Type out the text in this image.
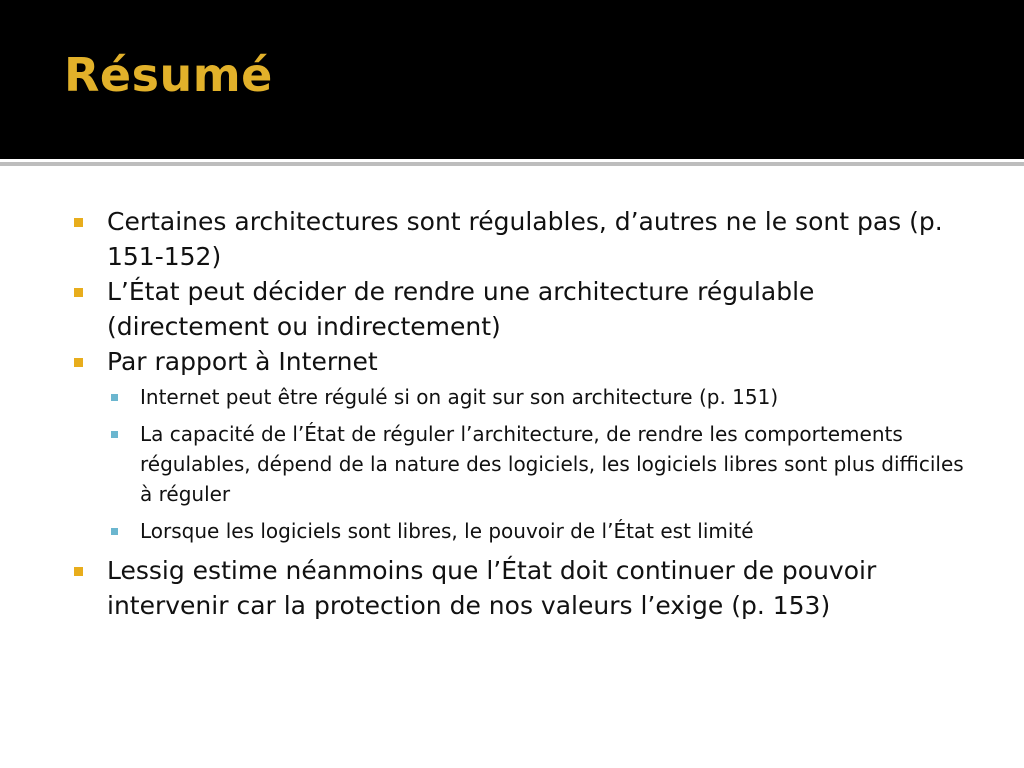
Résumé
Certaines architectures sont régulables, d’autres ne le sont pas (p. 151-152)
L’État peut décider de rendre une architecture régulable (directement ou indirectement)
Par rapport à Internet
Internet peut être régulé si on agit sur son architecture (p. 151)
La capacité de l’État de réguler l’architecture, de rendre les comportements régulables, dépend de la nature des logiciels, les logiciels libres sont plus difficiles à réguler
Lorsque les logiciels sont libres, le pouvoir de l’État est limité
Lessig estime néanmoins que l’État doit continuer de pouvoir intervenir car la protection de nos valeurs l’exige (p. 153)
